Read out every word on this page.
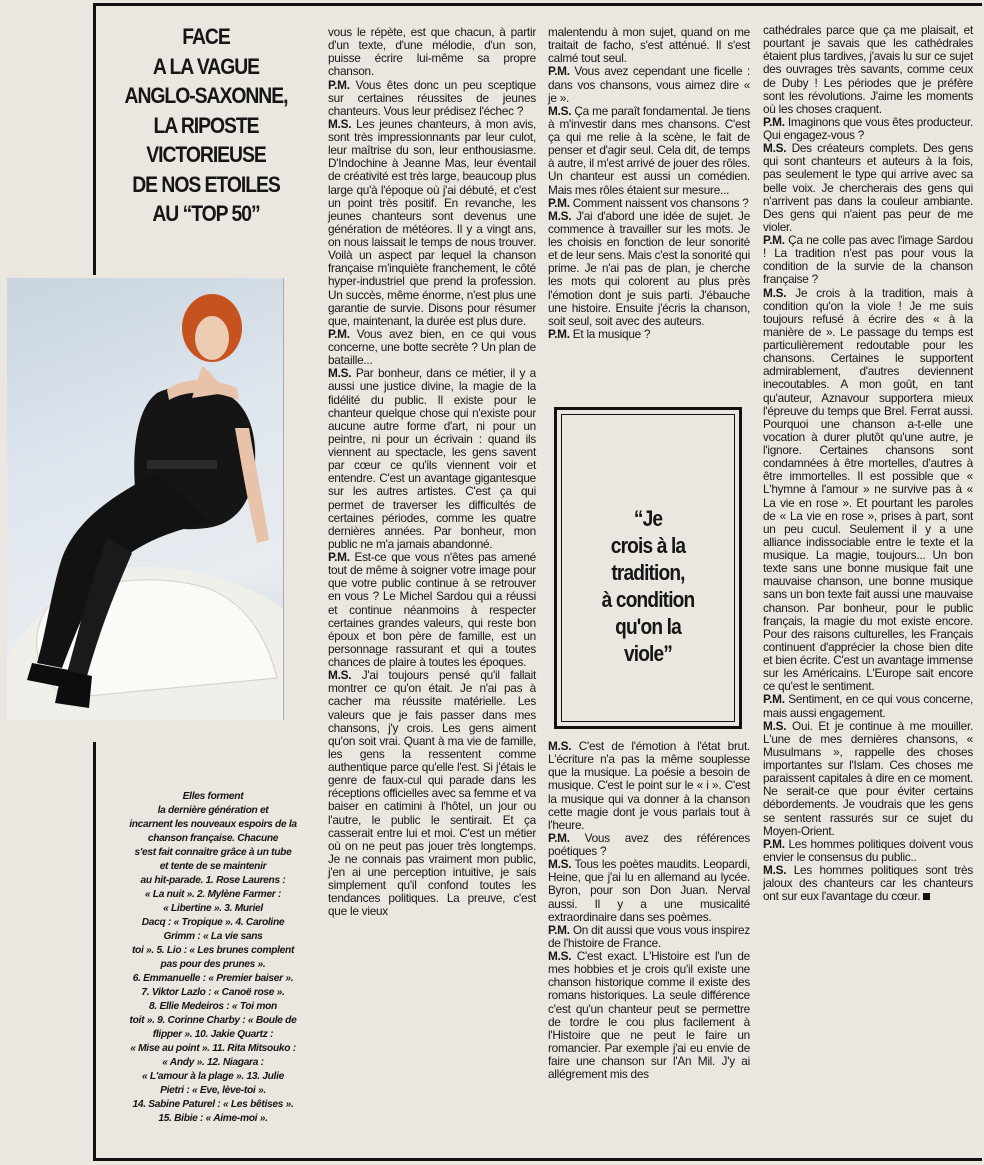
FACE
A LA VAGUE
ANGLO-SAXONNE,
LA RIPOSTE
VICTORIEUSE
DE NOS ETOILES
AU “TOP 50”
Elles forment
la dernière génération et
incarnent les nouveaux espoirs de la
chanson française. Chacune
s'est fait connaitre grâce à un tube
et tente de se maintenir
au hit-parade. 1. Rose Laurens :
« La nuit ». 2. Mylène Farmer :
« Libertine ». 3. Muriel
Dacq : « Tropique ». 4. Caroline
Grimm : « La vie sans
toi ». 5. Lio : « Les brunes complent
pas pour des prunes ».
6. Emmanuelle : « Premier baiser ».
7. Viktor Lazlo : « Canoë rose ».
8. Ellie Medeiros : « Toi mon
toit ». 9. Corinne Charby : « Boule de
flipper ». 10. Jakie Quartz :
« Mise au point ». 11. Rita Mitsouko :
« Andy ». 12. Niagara :
« L'amour à la plage ». 13. Julie
Pietri : « Eve, lève-toi ».
14. Sabine Paturel : « Les bêtises ».
15. Bibie : « Aime-moi ».

vous le répète, est que chacun, à partir d'un texte, d'une mélodie, d'un son, puisse écrire lui-même sa propre chanson.

P.M. Vous êtes donc un peu sceptique sur certaines réussites de jeunes chanteurs. Vous leur prédisez l'échec ?

M.S. Les jeunes chanteurs, à mon avis, sont très impressionnants par leur culot, leur maîtrise du son, leur enthousiasme. D'Indochine à Jeanne Mas, leur éventail de créativité est très large, beaucoup plus large qu'à l'époque où j'ai débuté, et c'est un point très positif. En revanche, les jeunes chanteurs sont devenus une génération de météores. Il y a vingt ans, on nous laissait le temps de nous trouver. Voilà un aspect par lequel la chanson française m'inquiète franchement, le côté hyper-industriel que prend la profession. Un succès, même énorme, n'est plus une garantie de survie. Disons pour résumer que, maintenant, la durée est plus dure.

P.M. Vous avez bien, en ce qui vous concerne, une botte secrète ? Un plan de bataille...

M.S. Par bonheur, dans ce métier, il y a aussi une justice divine, la magie de la fidélité du public. Il existe pour le chanteur quelque chose qui n'existe pour aucune autre forme d'art, ni pour un peintre, ni pour un écrivain : quand ils viennent au spectacle, les gens savent par cœur ce qu'ils viennent voir et entendre. C'est un avantage gigantesque sur les autres artistes. C'est ça qui permet de traverser les difficultés de certaines périodes, comme les quatre dernières années. Par bonheur, mon public ne m'a jamais abandonné.

P.M. Est-ce que vous n'êtes pas amené tout de même à soigner votre image pour que votre public continue à se retrouver en vous ? Le Michel Sardou qui a réussi et continue néanmoins à respecter certaines grandes valeurs, qui reste bon époux et bon père de famille, est un personnage rassurant et qui a toutes chances de plaire à toutes les époques.

M.S. J'ai toujours pensé qu'il fallait montrer ce qu'on était. Je n'ai pas à cacher ma réussite matérielle. Les valeurs que je fais passer dans mes chansons, j'y crois. Les gens aiment qu'on soit vrai. Quant à ma vie de famille, les gens la ressentent comme authentique parce qu'elle l'est. Si j'étais le genre de faux-cul qui parade dans les réceptions officielles avec sa femme et va baiser en catimini à l'hôtel, un jour ou l'autre, le public le sentirait. Et ça casserait entre lui et moi. C'est un métier où on ne peut pas jouer très longtemps. Je ne connais pas vraiment mon public, j'en ai une perception intuitive, je sais simplement qu'il confond toutes les tendances politiques. La preuve, c'est que le vieux

malentendu à mon sujet, quand on me traitait de facho, s'est atténué. Il s'est calmé tout seul.

P.M. Vous avez cependant une ficelle : dans vos chansons, vous aimez dire « je ».

M.S. Ça me paraît fondamental. Je tiens à m'investir dans mes chansons. C'est ça qui me relie à la scène, le fait de penser et d'agir seul. Cela dit, de temps à autre, il m'est arrivé de jouer des rôles. Un chanteur est aussi un comédien. Mais mes rôles étaient sur mesure...

P.M. Comment naissent vos chansons ?

M.S. J'ai d'abord une idée de sujet. Je commence à travailler sur les mots. Je les choisis en fonction de leur sonorité et de leur sens. Mais c'est la sonorité qui prime. Je n'ai pas de plan, je cherche les mots qui colorent au plus près l'émotion dont je suis parti. J'ébauche une histoire. Ensuite j'écris la chanson, soit seul, soit avec des auteurs.

P.M. Et la musique ?

“Je
crois à la
tradition,
à condition
qu'on la
viole”

M.S. C'est de l'émotion à l'état brut. L'écriture n'a pas la même souplesse que la musique. La poésie a besoin de musique. C'est le point sur le « i ». C'est la musique qui va donner à la chanson cette magie dont je vous parlais tout à l'heure.

P.M. Vous avez des références poétiques ?

M.S. Tous les poètes maudits. Leopardi, Heine, que j'ai lu en allemand au lycée. Byron, pour son Don Juan. Nerval aussi. Il y a une musicalité extraordinaire dans ses poèmes.

P.M. On dit aussi que vous vous inspirez de l'histoire de France.

M.S. C'est exact. L'Histoire est l'un de mes hobbies et je crois qu'il existe une chanson historique comme il existe des romans historiques. La seule différence c'est qu'un chanteur peut se permettre de tordre le cou plus facilement à l'Histoire que ne peut le faire un romancier. Par exemple j'ai eu envie de faire une chanson sur l'An Mil. J'y ai allégrement mis des

cathédrales parce que ça me plaisait, et pourtant je savais que les cathédrales étaient plus tardives, j'avais lu sur ce sujet des ouvrages très savants, comme ceux de Duby ! Les périodes que je préfère sont les révolutions. J'aime les moments où les choses craquent.

P.M. Imaginons que vous êtes producteur. Qui engagez-vous ?

M.S. Des créateurs complets. Des gens qui sont chanteurs et auteurs à la fois, pas seulement le type qui arrive avec sa belle voix. Je chercherais des gens qui n'arrivent pas dans la couleur ambiante. Des gens qui n'aient pas peur de me violer.

P.M. Ça ne colle pas avec l'image Sardou ! La tradition n'est pas pour vous la condition de la survie de la chanson française ?

M.S. Je crois à la tradition, mais à condition qu'on la viole ! Je me suis toujours refusé à écrire des « à la manière de ». Le passage du temps est particulièrement redoutable pour les chansons. Certaines le supportent admirablement, d'autres deviennent inecoutables. A mon goût, en tant qu'auteur, Aznavour supportera mieux l'épreuve du temps que Brel. Ferrat aussi. Pourquoi une chanson a-t-elle une vocation à durer plutôt qu'une autre, je l'ignore. Certaines chansons sont condamnées à être mortelles, d'autres à être immortelles. Il est possible que « L'hymne à l'amour » ne survive pas à « La vie en rose ». Et pourtant les paroles de « La vie en rose », prises à part, sont un peu cucul. Seulement il y a une alliance indissociable entre le texte et la musique. La magie, toujours... Un bon texte sans une bonne musique fait une mauvaise chanson, une bonne musique sans un bon texte fait aussi une mauvaise chanson. Par bonheur, pour le public français, la magie du mot existe encore. Pour des raisons culturelles, les Français continuent d'apprécier la chose bien dite et bien écrite. C'est un avantage immense sur les Américains. L'Europe sait encore ce qu'est le sentiment.

P.M. Sentiment, en ce qui vous concerne, mais aussi engagement.

M.S. Oui. Et je continue à me mouiller. L'une de mes dernières chansons, « Musulmans », rappelle des choses importantes sur l'Islam. Ces choses me paraissent capitales à dire en ce moment. Ne serait-ce que pour éviter certains débordements. Je voudrais que les gens se sentent rassurés sur ce sujet du Moyen-Orient.

P.M. Les hommes politiques doivent vous envier le consensus du public..

M.S. Les hommes politiques sont très jaloux des chanteurs car les chanteurs ont sur eux l'avantage du cœur.
